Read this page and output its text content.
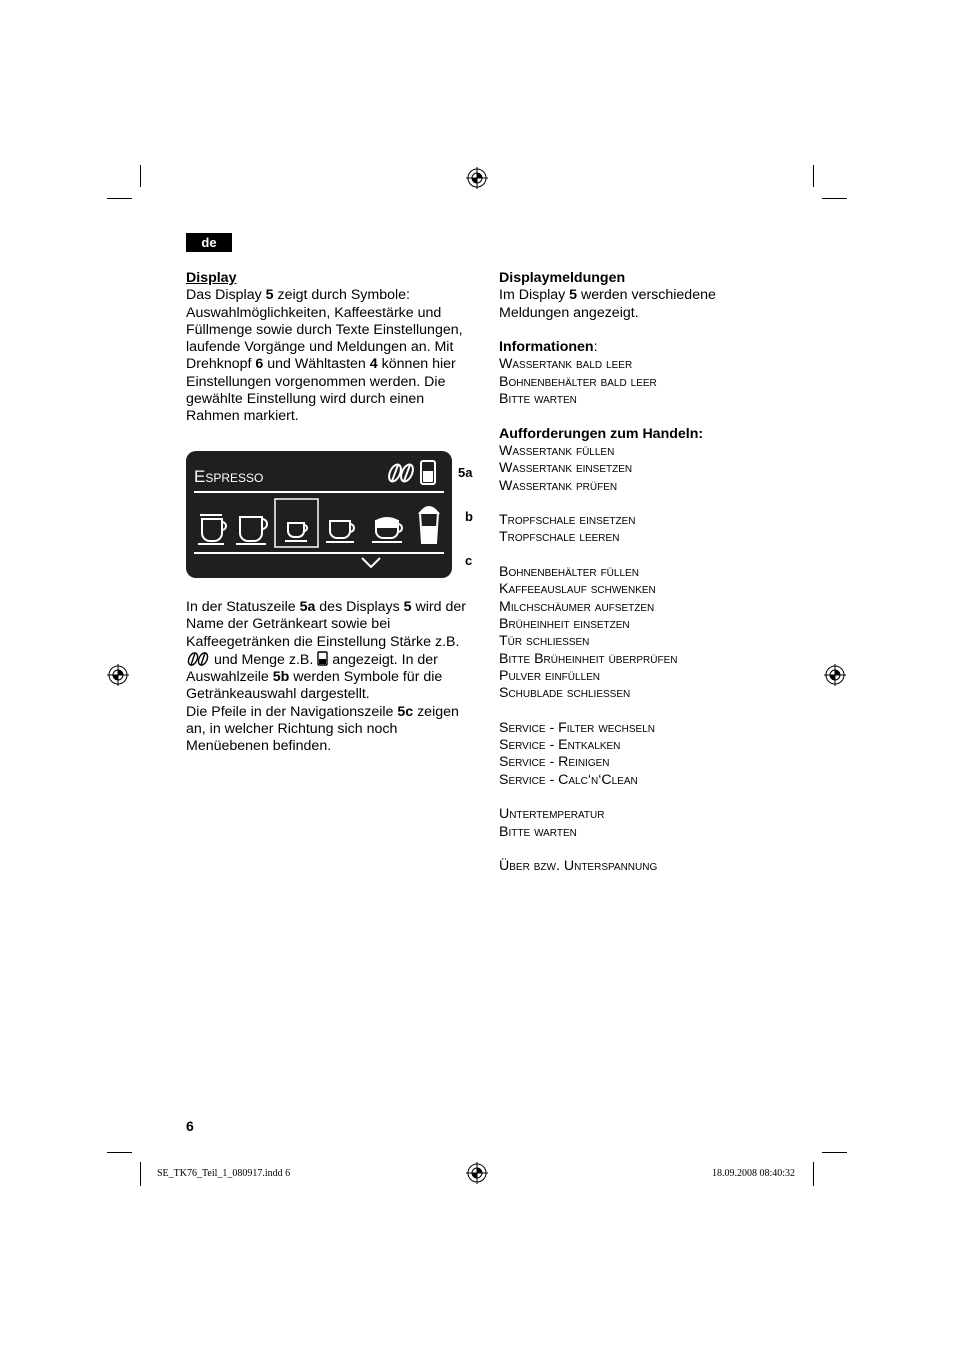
de

Display

Das Display 5 zeigt durch Symbole: Auswahlmöglichkeiten, Kaffeestärke und Füllmenge sowie durch Texte Einstellungen, laufende Vorgänge und Meldungen an. Mit Drehknopf 6 und Wähltasten 4 können hier Einstellungen vorgenommen werden. Die gewählte Einstellung wird durch einen Rahmen markiert.

Espresso	5a
b
c

In der Statuszeile 5a des Displays 5 wird der Name der Getränkeart sowie bei Kaffeegetränken die Einstellung Stärke z.B.  und Menge z.B.  angezeigt. In der Auswahlzeile 5b werden Symbole für die Getränkeauswahl dargestellt.

Die Pfeile in der Navigationszeile 5c zeigen an, in welcher Richtung sich noch Menüebenen befinden.

Displaymeldungen

Im Display 5 werden verschiedene Meldungen angezeigt.

Informationen:

Wassertank bald leer

Bohnenbehälter bald leer

Bitte warten

Aufforderungen zum Handeln:

Wassertank füllen

Wassertank einsetzen

Wassertank prüfen

Tropfschale einsetzen

Tropfschale leeren

Bohnenbehälter füllen

Kaffeeauslauf schwenken

Milchschäumer aufsetzen

Brüheinheit einsetzen

Tür schliessen

Bitte Brüheinheit überprüfen

Pulver einfüllen

Schublade schliessen

Service - Filter wechseln

Service - Entkalken

Service - Reinigen

Service - Calc‘n‘Clean

Untertemperatur

Bitte warten

Über bzw. Unterspannung

6
SE_TK76_Teil_1_080917.indd 6	18.09.2008 08:40:32
